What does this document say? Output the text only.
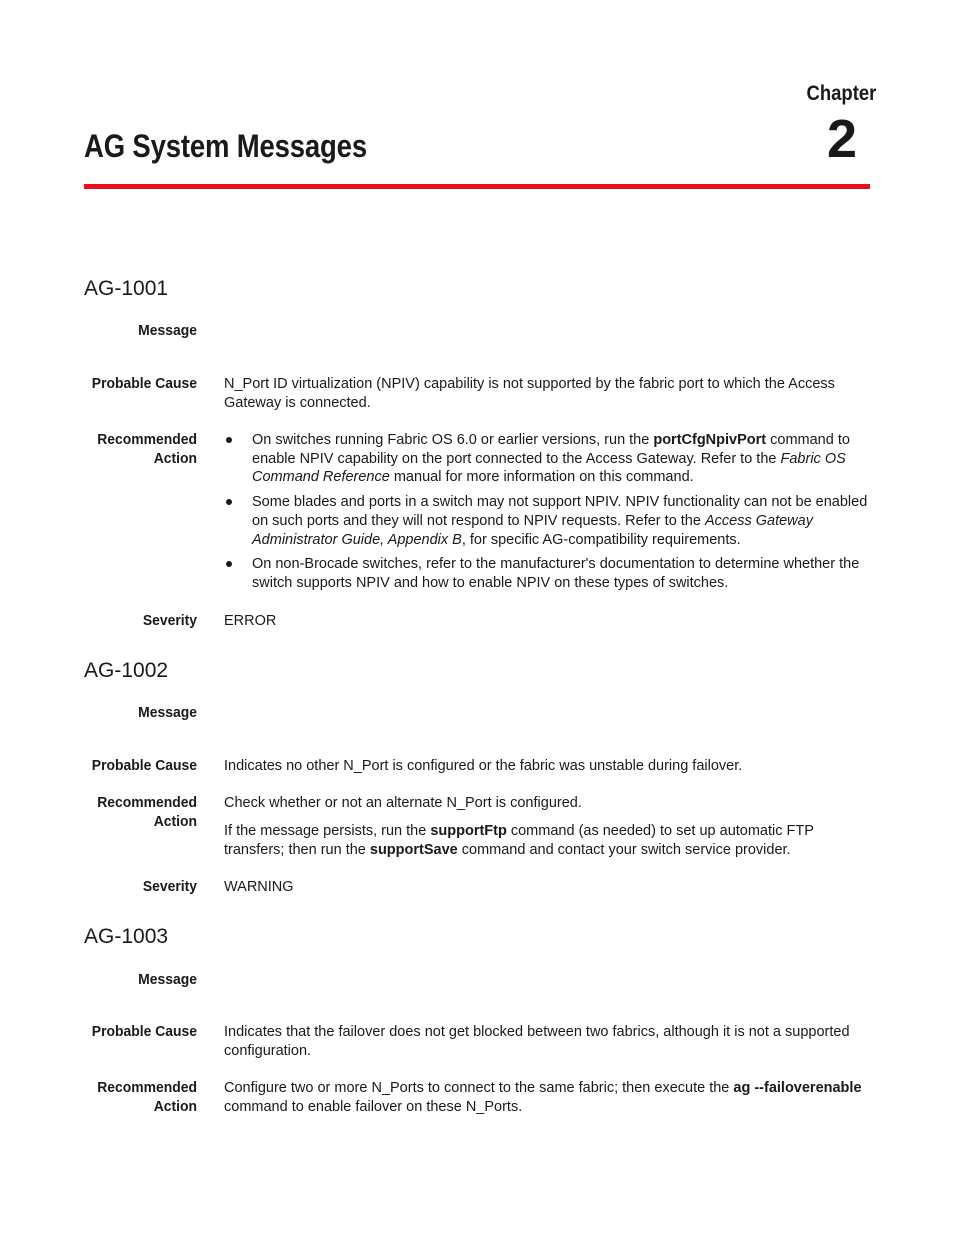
Chapter
2
AG System Messages
AG-1001
Message
Probable Cause N_Port ID virtualization (NPIV) capability is not supported by the fabric port to which the Access Gateway is connected.

Recommended
Action
On switches running Fabric OS 6.0 or earlier versions, run the portCfgNpivPort command to enable NPIV capability on the port connected to the Access Gateway. Refer to the Fabric OS Command Reference manual for more information on this command.
Some blades and ports in a switch may not support NPIV. NPIV functionality can not be enabled on such ports and they will not respond to NPIV requests. Refer to the Access Gateway Administrator Guide, Appendix B, for specific AG-compatibility requirements.
On non-Brocade switches, refer to the manufacturer's documentation to determine whether the switch supports NPIV and how to enable NPIV on these types of switches.
Severity ERROR

AG-1002
Message
Probable Cause Indicates no other N_Port is configured or the fabric was unstable during failover.

Recommended
Action

Check whether or not an alternate N_Port is configured.

If the message persists, run the supportFtp command (as needed) to set up automatic FTP transfers; then run the supportSave command and contact your switch service provider.

Severity WARNING

AG-1003
Message
Probable Cause Indicates that the failover does not get blocked between two fabrics, although it is not a supported configuration.

Recommended
Action

Configure two or more N_Ports to connect to the same fabric; then execute the ag --failoverenable command to enable failover on these N_Ports.
